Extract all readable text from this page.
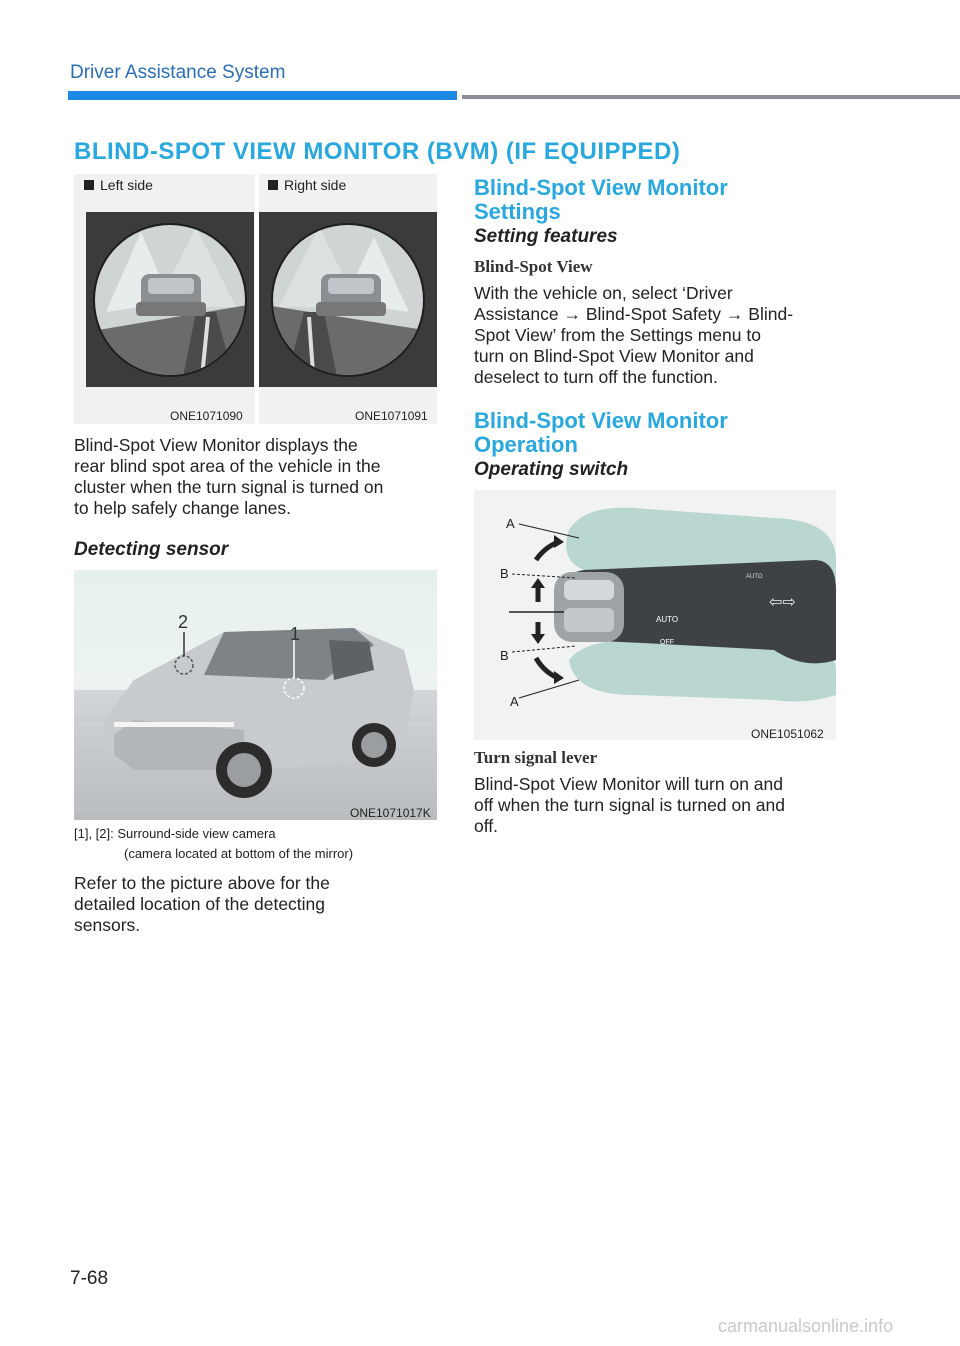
Driver Assistance System
BLIND-SPOT VIEW MONITOR (BVM) (IF EQUIPPED)
Left side
ONE1071090
Right side
ONE1071091
Blind-Spot View Monitor displays the
rear blind spot area of the vehicle in the
cluster when the turn signal is turned on
to help safely change lanes.
Detecting sensor
2
1
ONE1071017K
[1], [2]: Surround-side view camera
(camera located at bottom of the mirror)
Refer to the picture above for the
detailed location of the detecting
sensors.
Blind-Spot View Monitor
Settings
Setting features
Blind-Spot View
With the vehicle on, select ‘Driver
Assistance → Blind-Spot Safety → Blind-
Spot View’ from the Settings menu to
turn on Blind-Spot View Monitor and
deselect to turn off the function.
Blind-Spot View Monitor
Operation
Operating switch
AUTO
OFF
AUTO
⇦⇨
A
B
B
A
ONE1051062
Turn signal lever
Blind-Spot View Monitor will turn on and
off when the turn signal is turned on and
off.
7-68
carmanualsonline.info
